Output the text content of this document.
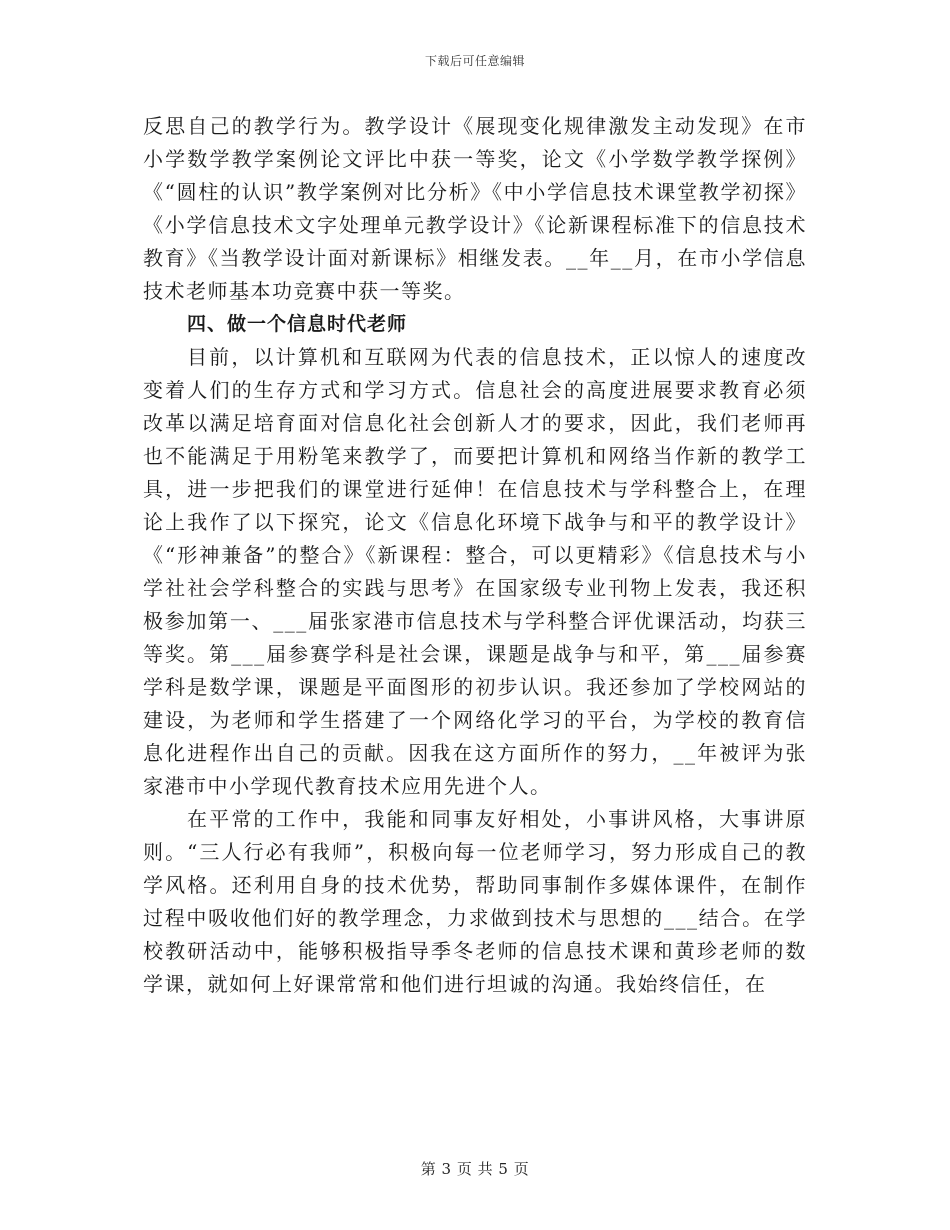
下载后可任意编辑

反思自己的教学行为。教学设计《展现变化规律激发主动发现》在市小学数学教学案例论文评比中获一等奖，论文《小学数学教学探例》《“圆柱的认识”教学案例对比分析》《中小学信息技术课堂教学初探》《小学信息技术文字处理单元教学设计》《论新课程标准下的信息技术教育》《当教学设计面对新课标》相继发表。__年__月，在市小学信息技术老师基本功竞赛中获一等奖。

四、做一个信息时代老师

目前，以计算机和互联网为代表的信息技术，正以惊人的速度改变着人们的生存方式和学习方式。信息社会的高度进展要求教育必须改革以满足培育面对信息化社会创新人才的要求，因此，我们老师再也不能满足于用粉笔来教学了，而要把计算机和网络当作新的教学工具，进一步把我们的课堂进行延伸！在信息技术与学科整合上，在理论上我作了以下探究，论文《信息化环境下战争与和平的教学设计》《“形神兼备”的整合》《新课程：整合，可以更精彩》《信息技术与小学社社会学科整合的实践与思考》在国家级专业刊物上发表，我还积极参加第一、___届张家港市信息技术与学科整合评优课活动，均获三等奖。第___届参赛学科是社会课，课题是战争与和平，第___届参赛学科是数学课，课题是平面图形的初步认识。我还参加了学校网站的建设，为老师和学生搭建了一个网络化学习的平台，为学校的教育信息化进程作出自己的贡献。因我在这方面所作的努力，__年被评为张家港市中小学现代教育技术应用先进个人。

在平常的工作中，我能和同事友好相处，小事讲风格，大事讲原则。“三人行必有我师”，积极向每一位老师学习，努力形成自己的教学风格。还利用自身的技术优势，帮助同事制作多媒体课件，在制作过程中吸收他们好的教学理念，力求做到技术与思想的___结合。在学校教研活动中，能够积极指导季冬老师的信息技术课和黄珍老师的数学课，就如何上好课常常和他们进行坦诚的沟通。我始终信任，在

第 3 页 共 5 页
